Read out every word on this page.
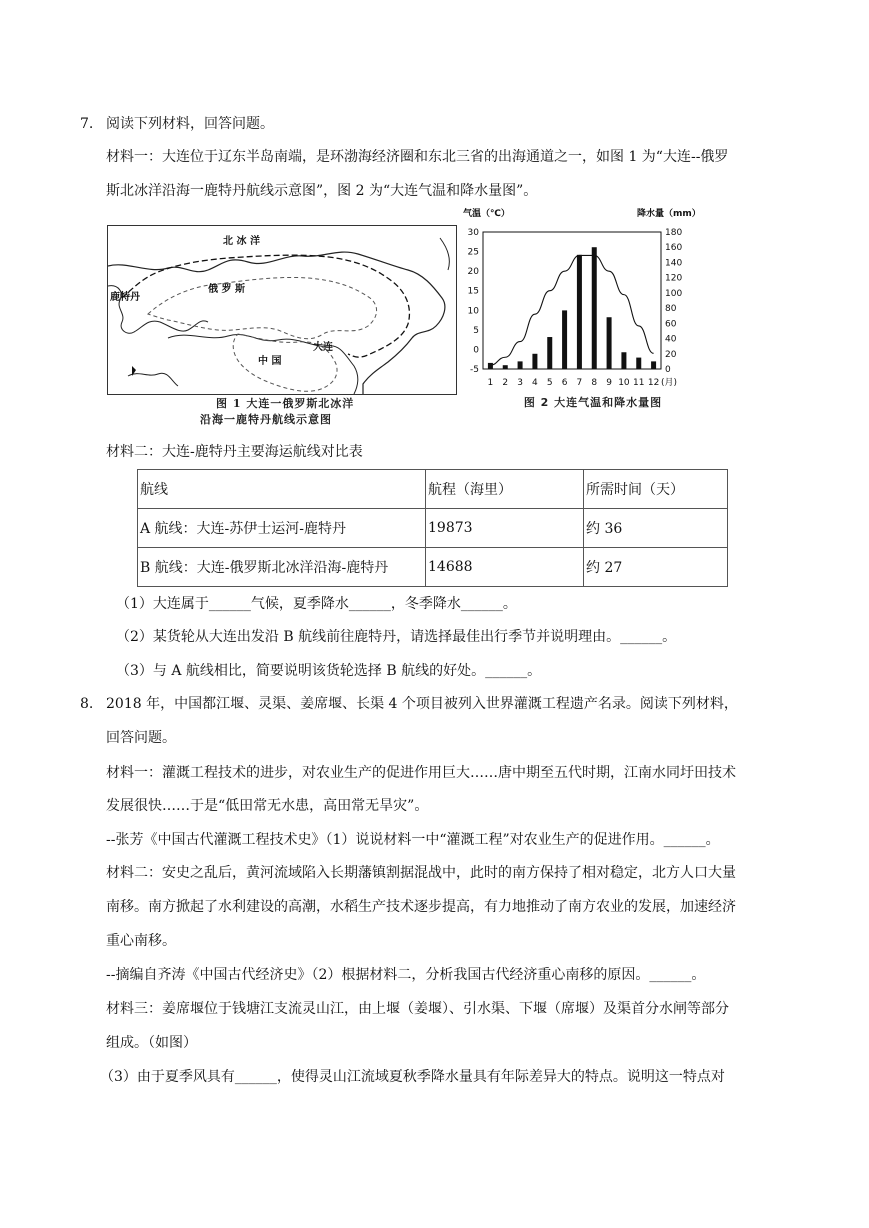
7. 阅读下列材料，回答问题。
材料一：大连位于辽东半岛南端，是环渤海经济圈和东北三省的出海通道之一，如图 1 为“大连--俄罗
斯北冰洋沿海一鹿特丹航线示意图”，图 2 为“大连气温和降水量图”。
北 冰 洋
俄 罗 斯
鹿特丹
中 国
大连
图 1 大连一俄罗斯北冰洋
沿海一鹿特丹航线示意图
气温（℃）	降水量（mm）
30
25
20
15
10
5
0
-5
180
160
140
120
100
80
60
40
20
0
1 2 3 4 5 6 7 8 9 10 11 12 (月)
图 2 大连气温和降水量图
材料二：大连-鹿特丹主要海运航线对比表
航线	航程（海里）	所需时间（天）
A 航线：大连-苏伊士运河-鹿特丹	19873	约 36
B 航线：大连-俄罗斯北冰洋沿海-鹿特丹	14688	约 27
（1）大连属于______气候，夏季降水______，冬季降水______。
（2）某货轮从大连出发沿 B 航线前往鹿特丹，请选择最佳出行季节并说明理由。______。
（3）与 A 航线相比，简要说明该货轮选择 B 航线的好处。______。
8. 2018 年，中国都江堰、灵渠、姜席堰、长渠 4 个项目被列入世界灌溉工程遗产名录。阅读下列材料，
回答问题。
材料一：灌溉工程技术的进步，对农业生产的促进作用巨大……唐中期至五代时期，江南水同圩田技术
发展很快……于是“低田常无水患，高田常无旱灾”。
--张芳《中国古代灌溉工程技术史》（1）说说材料一中“灌溉工程”对农业生产的促进作用。______。
材料二：安史之乱后，黄河流域陷入长期藩镇割据混战中，此时的南方保持了相对稳定，北方人口大量
南移。南方掀起了水利建设的高潮，水稻生产技术逐步提高，有力地推动了南方农业的发展，加速经济
重心南移。
--摘编自齐涛《中国古代经济史》（2）根据材料二，分析我国古代经济重心南移的原因。______。
材料三：姜席堰位于钱塘江支流灵山江，由上堰（姜堰）、引水渠、下堰（席堰）及渠首分水闸等部分
组成。（如图）
（3）由于夏季风具有______，使得灵山江流域夏秋季降水量具有年际差异大的特点。说明这一特点对
